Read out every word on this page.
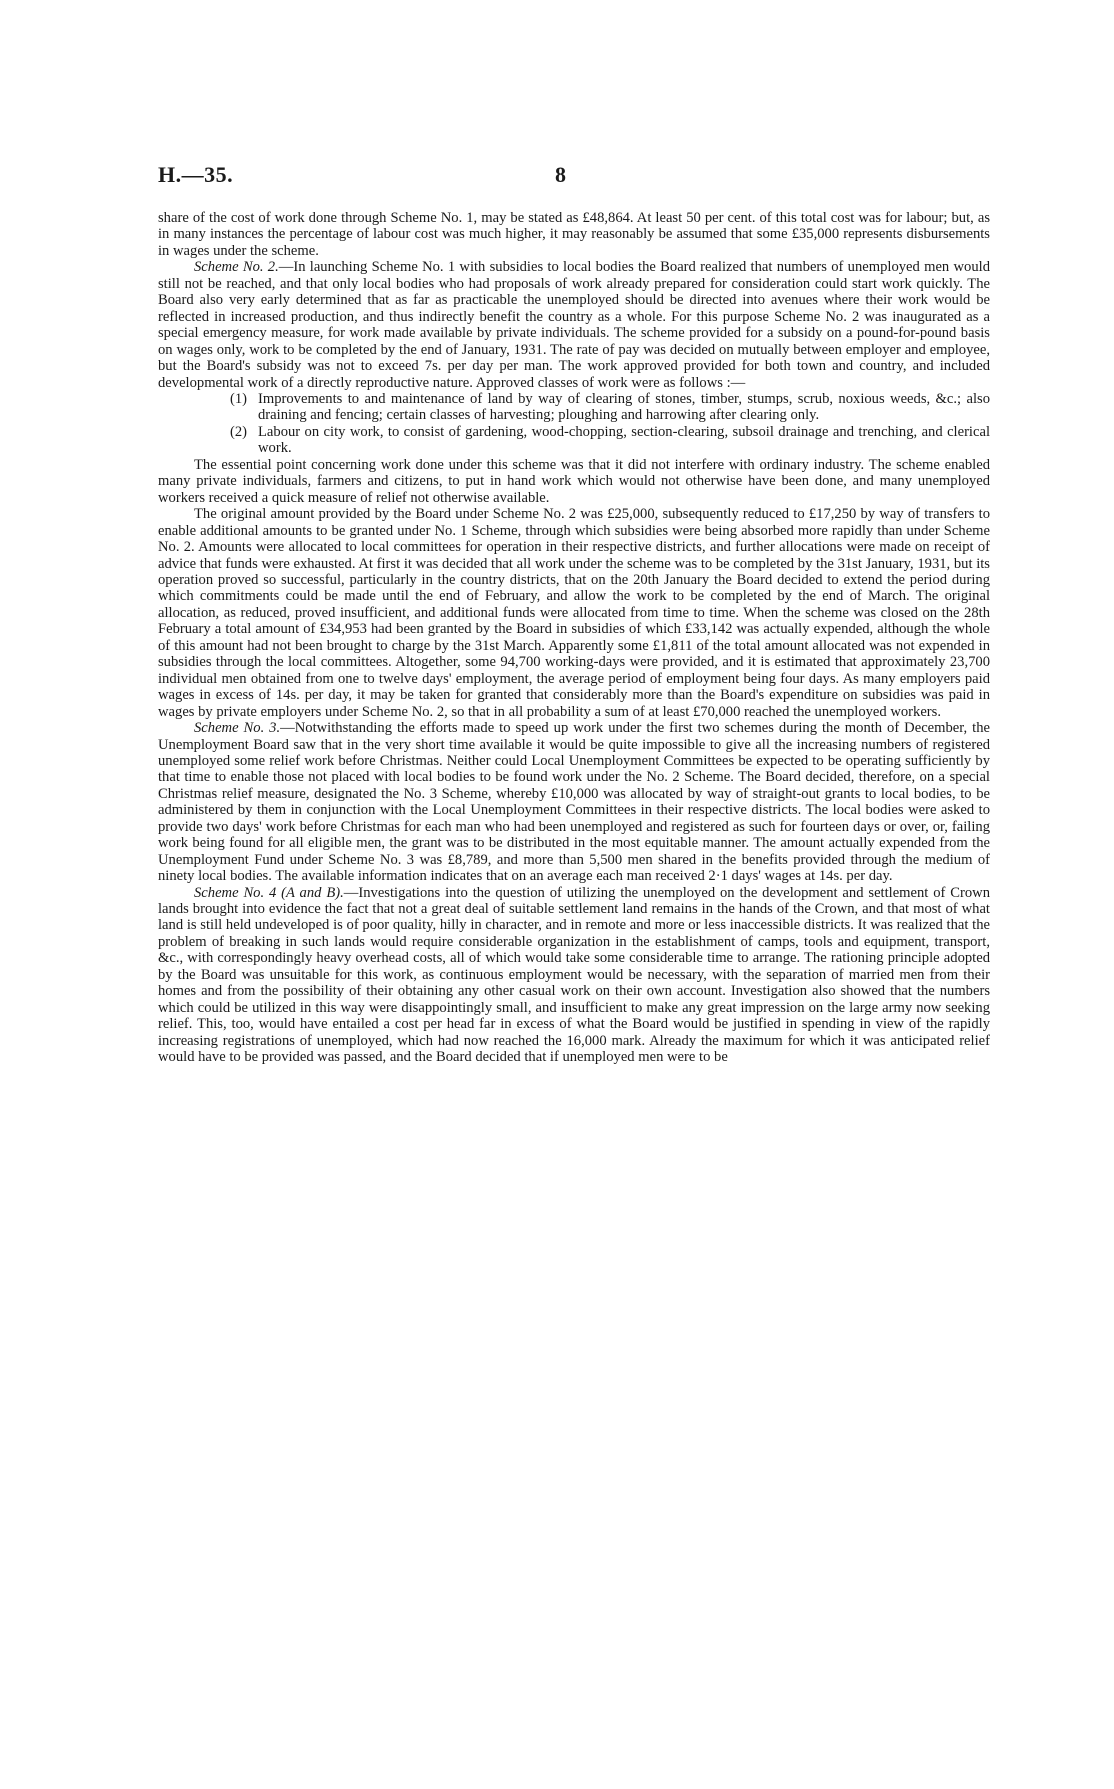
H.—35.	8

share of the cost of work done through Scheme No. 1, may be stated as £48,864. At least 50 per cent. of this total cost was for labour; but, as in many instances the percentage of labour cost was much higher, it may reasonably be assumed that some £35,000 represents disbursements in wages under the scheme.

Scheme No. 2.—In launching Scheme No. 1 with subsidies to local bodies the Board realized that numbers of unemployed men would still not be reached, and that only local bodies who had proposals of work already prepared for consideration could start work quickly. The Board also very early determined that as far as practicable the unemployed should be directed into avenues where their work would be reflected in increased production, and thus indirectly benefit the country as a whole. For this purpose Scheme No. 2 was inaugurated as a special emergency measure, for work made available by private individuals. The scheme provided for a subsidy on a pound-for-pound basis on wages only, work to be completed by the end of January, 1931. The rate of pay was decided on mutually between employer and employee, but the Board's subsidy was not to exceed 7s. per day per man. The work approved provided for both town and country, and included developmental work of a directly reproductive nature. Approved classes of work were as follows :—

(1) Improvements to and maintenance of land by way of clearing of stones, timber, stumps, scrub, noxious weeds, &c.; also draining and fencing; certain classes of harvesting; ploughing and harrowing after clearing only.
(2) Labour on city work, to consist of gardening, wood-chopping, section-clearing, subsoil drainage and trenching, and clerical work.

The essential point concerning work done under this scheme was that it did not interfere with ordinary industry. The scheme enabled many private individuals, farmers and citizens, to put in hand work which would not otherwise have been done, and many unemployed workers received a quick measure of relief not otherwise available.

The original amount provided by the Board under Scheme No. 2 was £25,000, subsequently reduced to £17,250 by way of transfers to enable additional amounts to be granted under No. 1 Scheme, through which subsidies were being absorbed more rapidly than under Scheme No. 2. Amounts were allocated to local committees for operation in their respective districts, and further allocations were made on receipt of advice that funds were exhausted. At first it was decided that all work under the scheme was to be completed by the 31st January, 1931, but its operation proved so successful, particularly in the country districts, that on the 20th January the Board decided to extend the period during which commitments could be made until the end of February, and allow the work to be completed by the end of March. The original allocation, as reduced, proved insufficient, and additional funds were allocated from time to time. When the scheme was closed on the 28th February a total amount of £34,953 had been granted by the Board in subsidies of which £33,142 was actually expended, although the whole of this amount had not been brought to charge by the 31st March. Apparently some £1,811 of the total amount allocated was not expended in subsidies through the local committees. Altogether, some 94,700 working-days were provided, and it is estimated that approximately 23,700 individual men obtained from one to twelve days' employment, the average period of employment being four days. As many employers paid wages in excess of 14s. per day, it may be taken for granted that considerably more than the Board's expenditure on subsidies was paid in wages by private employers under Scheme No. 2, so that in all probability a sum of at least £70,000 reached the unemployed workers.

Scheme No. 3.—Notwithstanding the efforts made to speed up work under the first two schemes during the month of December, the Unemployment Board saw that in the very short time available it would be quite impossible to give all the increasing numbers of registered unemployed some relief work before Christmas. Neither could Local Unemployment Committees be expected to be operating sufficiently by that time to enable those not placed with local bodies to be found work under the No. 2 Scheme. The Board decided, therefore, on a special Christmas relief measure, designated the No. 3 Scheme, whereby £10,000 was allocated by way of straight-out grants to local bodies, to be administered by them in conjunction with the Local Unemployment Committees in their respective districts. The local bodies were asked to provide two days' work before Christmas for each man who had been unemployed and registered as such for fourteen days or over, or, failing work being found for all eligible men, the grant was to be distributed in the most equitable manner. The amount actually expended from the Unemployment Fund under Scheme No. 3 was £8,789, and more than 5,500 men shared in the benefits provided through the medium of ninety local bodies. The available information indicates that on an average each man received 2·1 days' wages at 14s. per day.

Scheme No. 4 (A and B).—Investigations into the question of utilizing the unemployed on the development and settlement of Crown lands brought into evidence the fact that not a great deal of suitable settlement land remains in the hands of the Crown, and that most of what land is still held undeveloped is of poor quality, hilly in character, and in remote and more or less inaccessible districts. It was realized that the problem of breaking in such lands would require considerable organization in the establishment of camps, tools and equipment, transport, &c., with correspondingly heavy overhead costs, all of which would take some considerable time to arrange. The rationing principle adopted by the Board was unsuitable for this work, as continuous employment would be necessary, with the separation of married men from their homes and from the possibility of their obtaining any other casual work on their own account. Investigation also showed that the numbers which could be utilized in this way were disappointingly small, and insufficient to make any great impression on the large army now seeking relief. This, too, would have entailed a cost per head far in excess of what the Board would be justified in spending in view of the rapidly increasing registrations of unemployed, which had now reached the 16,000 mark. Already the maximum for which it was anticipated relief would have to be provided was passed, and the Board decided that if unemployed men were to be
